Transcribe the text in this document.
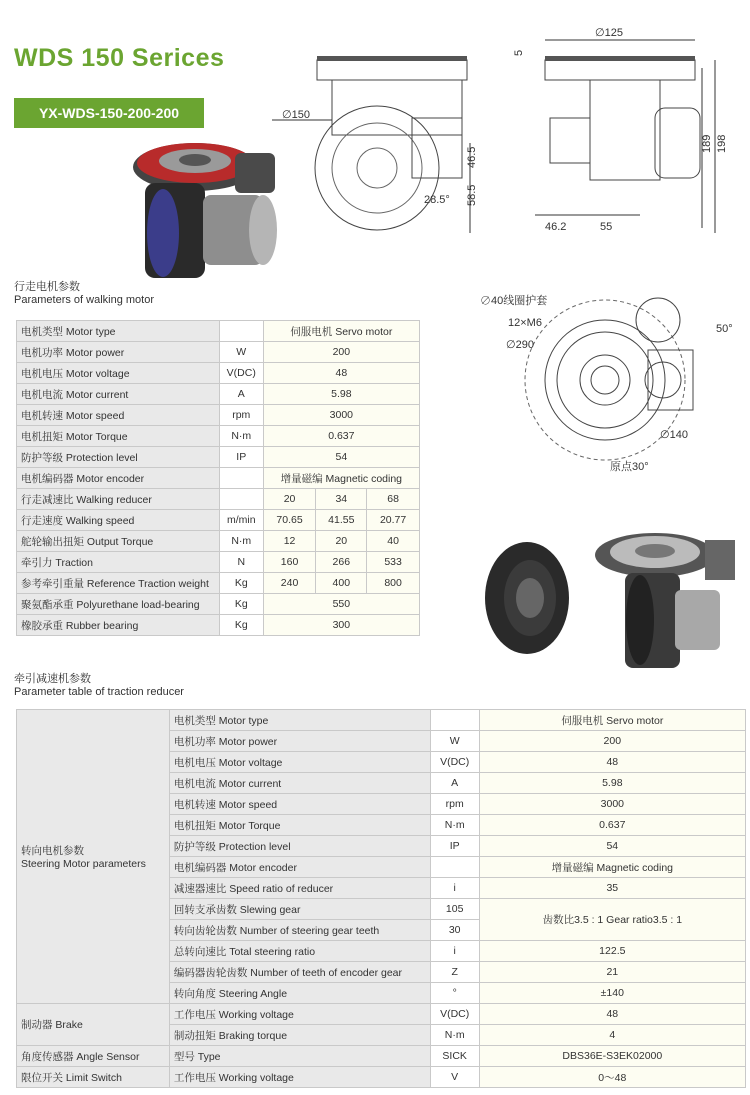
WDS 150 Serices
YX-WDS-150-200-200	∅150
46.5
58.5
28.5°
∅125
5
189 198
46.2	55
∅40线圈护套
12×M6
∅290
50°
∅140
原点30°
行走电机参数
Parameters of walking motor
电机类型 Motor type		伺服电机 Servo motor		
电机功率 Motor power	W	200		
电机电压 Motor voltage	V(DC)	48		
电机电流 Motor current	A	5.98		
电机转速 Motor speed	rpm	3000		
电机扭矩 Motor Torque	N·m	0.637		
防护等级 Protection level	IP	54		
电机编码器 Motor encoder		增量磁编 Magnetic coding		
行走减速比 Walking reducer		20	34	68
行走速度 Walking speed	m/min	70.65	41.55	20.77
舵轮输出扭矩 Output Torque	N·m	12	20	40
牵引力 Traction	N	160	266	533
参考牵引重量 Reference Traction weight	Kg	240	400	800
聚氨酯承重 Polyurethane load-bearing	Kg	550		
橡胶承重 Rubber bearing	Kg	300		
牵引减速机参数
Parameter table of traction reducer
转向电机参数
Steering Motor parameters	电机类型 Motor type		伺服电机 Servo motor
	电机功率 Motor power	W	200
	电机电压 Motor voltage	V(DC)	48
	电机电流 Motor current	A	5.98
	电机转速 Motor speed	rpm	3000
	电机扭矩 Motor Torque	N·m	0.637
	防护等级 Protection level	IP	54
	电机编码器 Motor encoder		增量磁编 Magnetic coding
	减速器速比 Speed ratio of reducer	i	35
	回转支承齿数 Slewing gear	105	齿数比3.5 : 1 Gear ratio3.5 : 1
	转向齿轮齿数 Number of steering gear teeth	30	
	总转向速比 Total steering ratio	i	122.5
	编码器齿轮齿数 Number of teeth of encoder gear	Z	21
	转向角度 Steering Angle	°	±140
制动器 Brake	工作电压 Working voltage	V(DC)	48
	制动扭矩 Braking torque	N·m	4
角度传感器 Angle Sensor	型号 Type	SICK	DBS36E-S3EK02000
限位开关 Limit Switch	工作电压 Working voltage	V	0～48
